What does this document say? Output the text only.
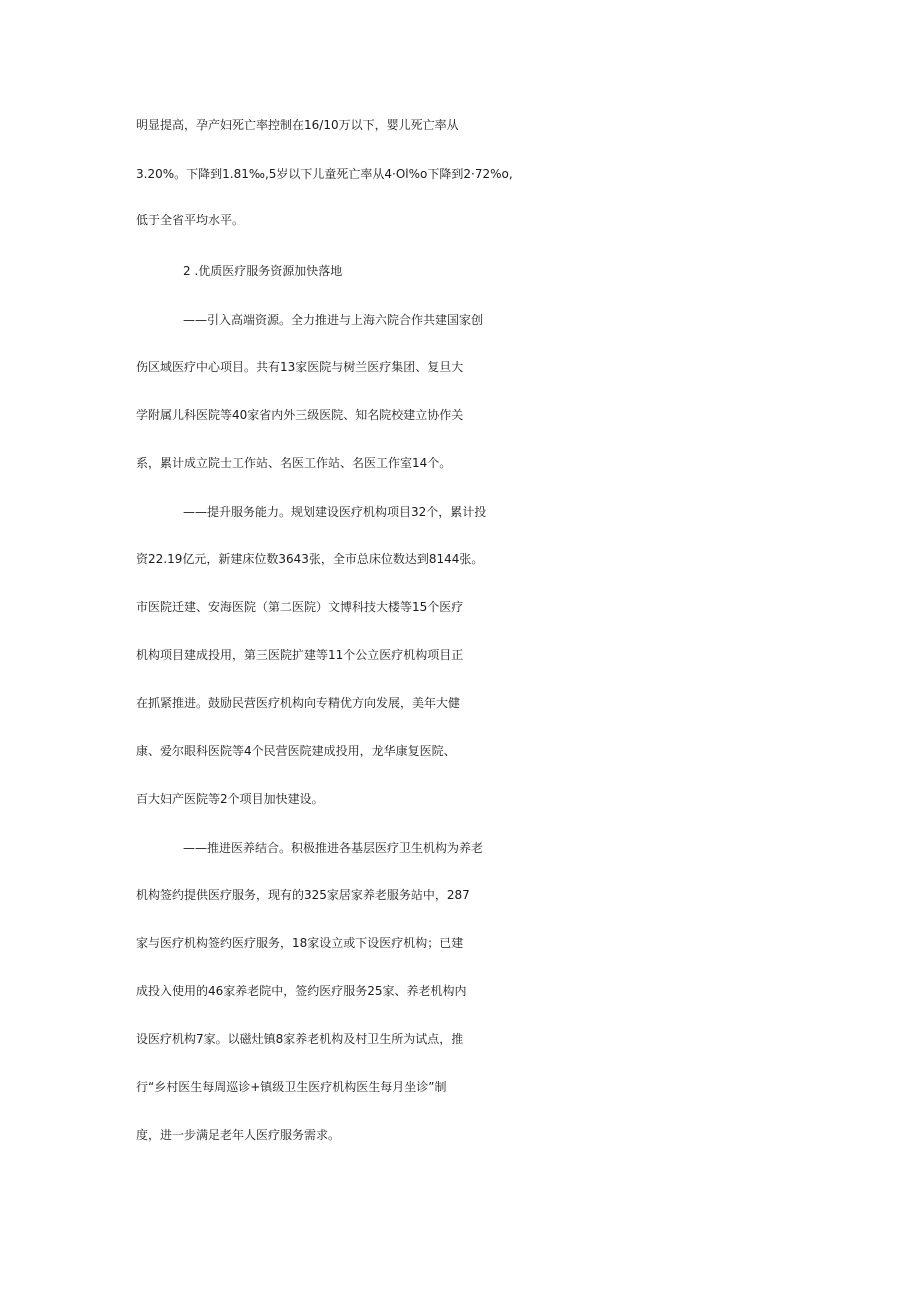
明显提高，孕产妇死亡率控制在16/10万以下，婴儿死亡率从
3.20%。下降到1.81‰,5岁以下儿童死亡率从4·Ol%o下降到2·72%o,
低于全省平均水平。
2 .优质医疗服务资源加快落地
——引入高端资源。全力推进与上海六院合作共建国家创
伤区域医疗中心项目。共有13家医院与树兰医疗集团、复旦大
学附属儿科医院等40家省内外三级医院、知名院校建立协作关
系，累计成立院士工作站、名医工作站、名医工作室14个。
——提升服务能力。规划建设医疗机构项目32个，累计投
资22.19亿元，新建床位数3643张，全市总床位数达到8144张。
市医院迁建、安海医院（第二医院）文博科技大楼等15个医疗
机构项目建成投用，第三医院扩建等11个公立医疗机构项目正
在抓紧推进。鼓励民营医疗机构向专精优方向发展，美年大健
康、爱尔眼科医院等4个民营医院建成投用，龙华康复医院、
百大妇产医院等2个项目加快建设。
——推进医养结合。积极推进各基层医疗卫生机构为养老
机构签约提供医疗服务，现有的325家居家养老服务站中，287
家与医疗机构签约医疗服务，18家设立或下设医疗机构；已建
成投入使用的46家养老院中，签约医疗服务25家、养老机构内
设医疗机构7家。以磁灶镇8家养老机构及村卫生所为试点，推
行“乡村医生每周巡诊+镇级卫生医疗机构医生每月坐诊”制
度，进一步满足老年人医疗服务需求。
